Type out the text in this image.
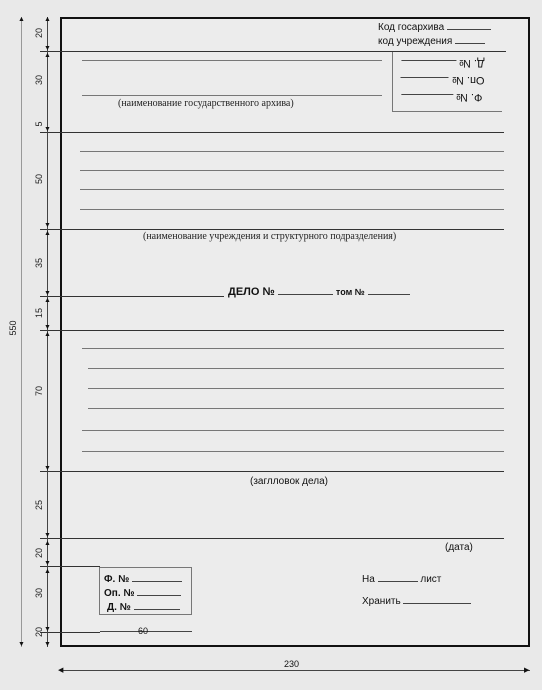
Код госархива
код учреждения
(наименование государственного архива)
Д. №
Оп. №
Ф. №
(наименование учреждения и структурного подразделения)
ДЕЛО №	том №
(заглловок дела)
(дата)
Ф. №
Оп. №
Д. №
На	лист
Хранить
▲
▼
▲
▼
▼
▲
▼
▲
▼
▲
▼
▼
▲
▼
▲
▼
▼
▲
▼
20
30
5
50
35
15
70
25
20
30
20
550
60
◀	▶
230
